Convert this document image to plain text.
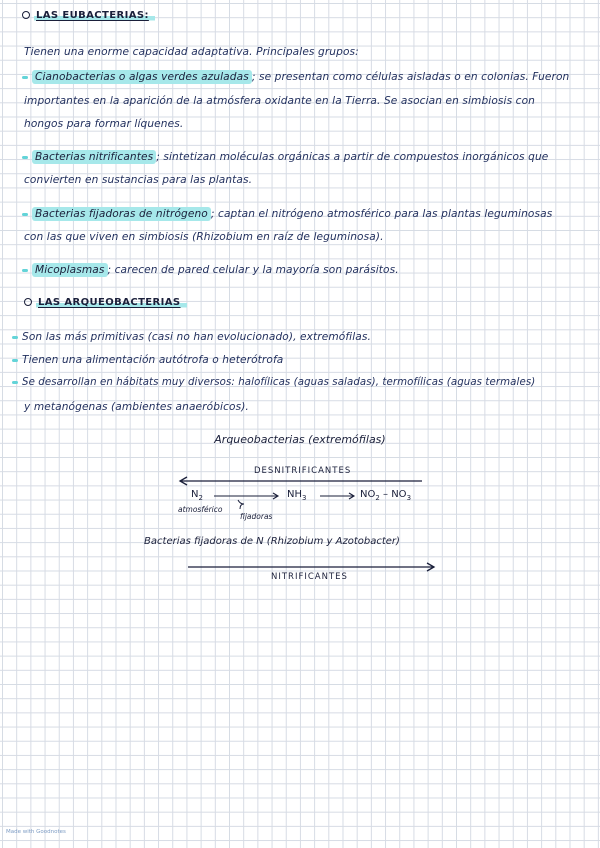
LAS EUBACTERIAS:
Tienen una enorme capacidad adaptativa. Principales grupos:
Cianobacterias o algas verdes azuladas ; se presentan como células aisladas o en colonias. Fueron
importantes en la aparición de la atmósfera oxidante en la Tierra. Se asocian en simbiosis con
hongos para formar líquenes.
Bacterias nitrificantes ; sintetizan moléculas orgánicas a partir de compuestos inorgánicos que
convierten en sustancias para las plantas.
Bacterias fijadoras de nitrógeno ; captan el nitrógeno atmosférico para las plantas leguminosas
con las que viven en simbiosis (Rhizobium en raíz de leguminosa).
Micoplasmas ; carecen de pared celular y la mayoría son parásitos.
LAS ARQUEOBACTERIAS
Son las más primitivas (casi no han evolucionado), extremófilas.
Tienen una alimentación autótrofa o heterótrofa
Se desarrollan en hábitats muy diversos: halofílicas (aguas saladas), termofílicas (aguas termales)
y metanógenas (ambientes anaeróbicos).
Arqueobacterias (extremófilas)
DESNITRIFICANTES
$N_2$
atmosférico
fijadoras
$NH_3$	$NO_2 - NO_3$
Bacterias fijadoras de N (Rhizobium y Azotobacter)
NITRIFICANTES
Made with Goodnotes
